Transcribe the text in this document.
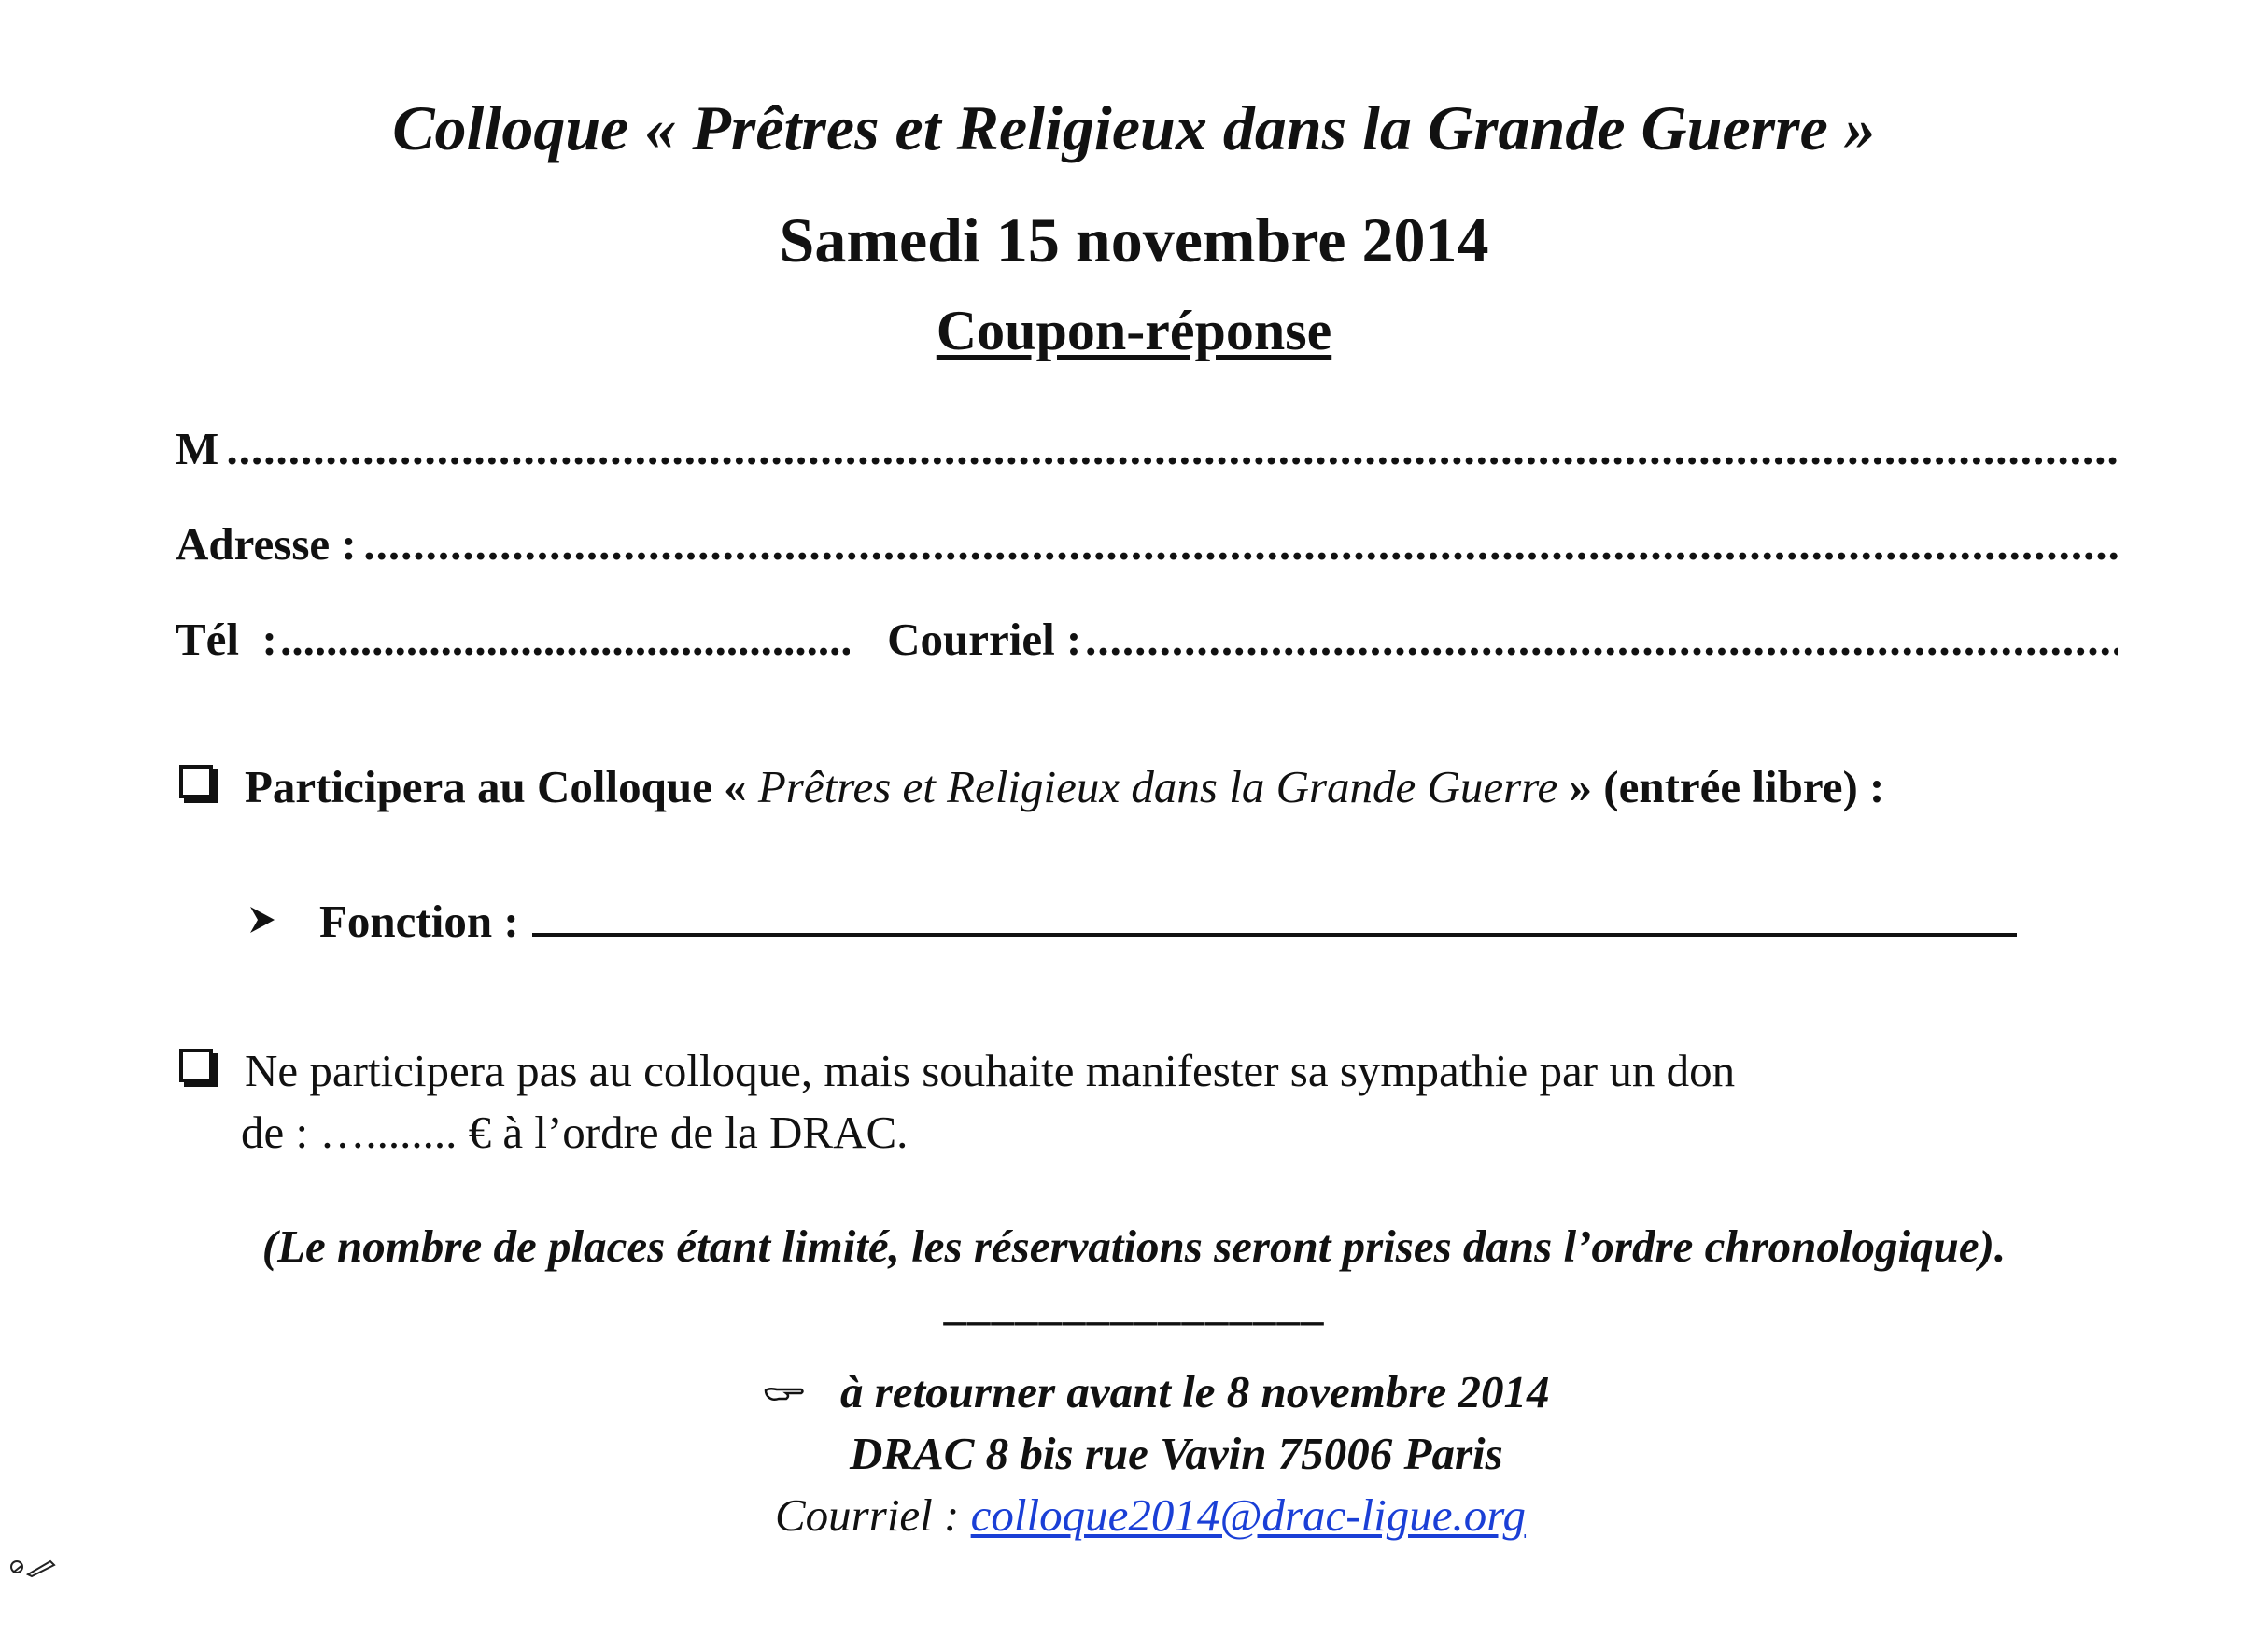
Colloque « Prêtres et Religieux dans la Grande Guerre »
Samedi 15 novembre 2014
Coupon-réponse
M
.....
Adresse :
.....
Tél  :
.....	Courriel :
.....
Participera au Colloque « Prêtres et Religieux dans la Grande Guerre » (entrée libre) :
Fonction :
Ne participera pas au colloque, mais souhaite manifester sa sympathie par un don
de : …........ € à l’ordre de la DRAC.
(Le nombre de places étant limité, les réservations seront prises dans l’ordre chronologique).
––––––––––––––––
à retourner avant le 8 novembre 2014
DRAC 8 bis rue Vavin 75006 Paris
Courriel : colloque2014@drac-ligue.org
